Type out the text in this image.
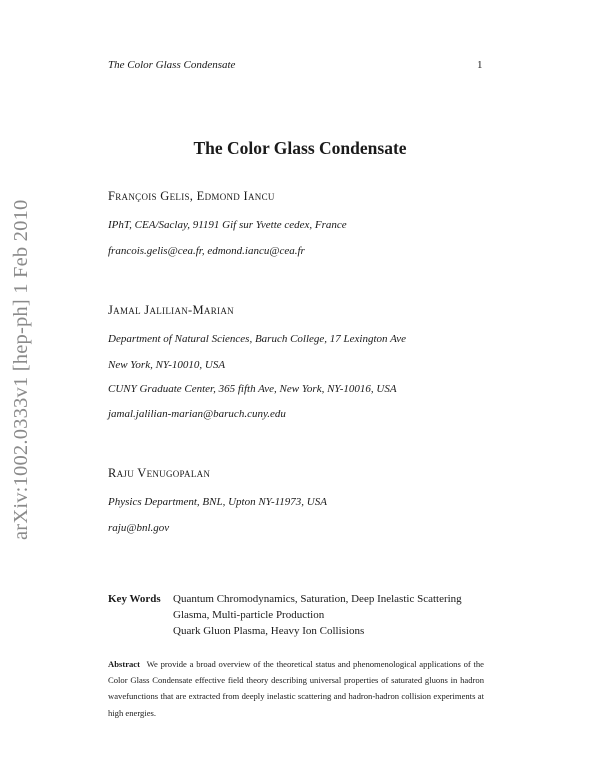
The Color Glass Condensate	1
arXiv:1002.0333v1 [hep-ph] 1 Feb 2010
The Color Glass Condensate
François Gelis, Edmond Iancu
IPhT, CEA/Saclay, 91191 Gif sur Yvette cedex, France
francois.gelis@cea.fr, edmond.iancu@cea.fr
Jamal Jalilian-Marian
Department of Natural Sciences, Baruch College, 17 Lexington Ave
New York, NY-10010, USA
CUNY Graduate Center, 365 fifth Ave, New York, NY-10016, USA
jamal.jalilian-marian@baruch.cuny.edu
Raju Venugopalan
Physics Department, BNL, Upton NY-11973, USA
raju@bnl.gov
Key Words Quantum Chromodynamics, Saturation, Deep Inelastic Scattering
Glasma, Multi-particle Production
Quark Gluon Plasma, Heavy Ion Collisions
Abstract We provide a broad overview of the theoretical status and phenomenological applications of the Color Glass Condensate effective field theory describing universal properties of saturated gluons in hadron wavefunctions that are extracted from deeply inelastic scattering and hadron-hadron collision experiments at high energies.
